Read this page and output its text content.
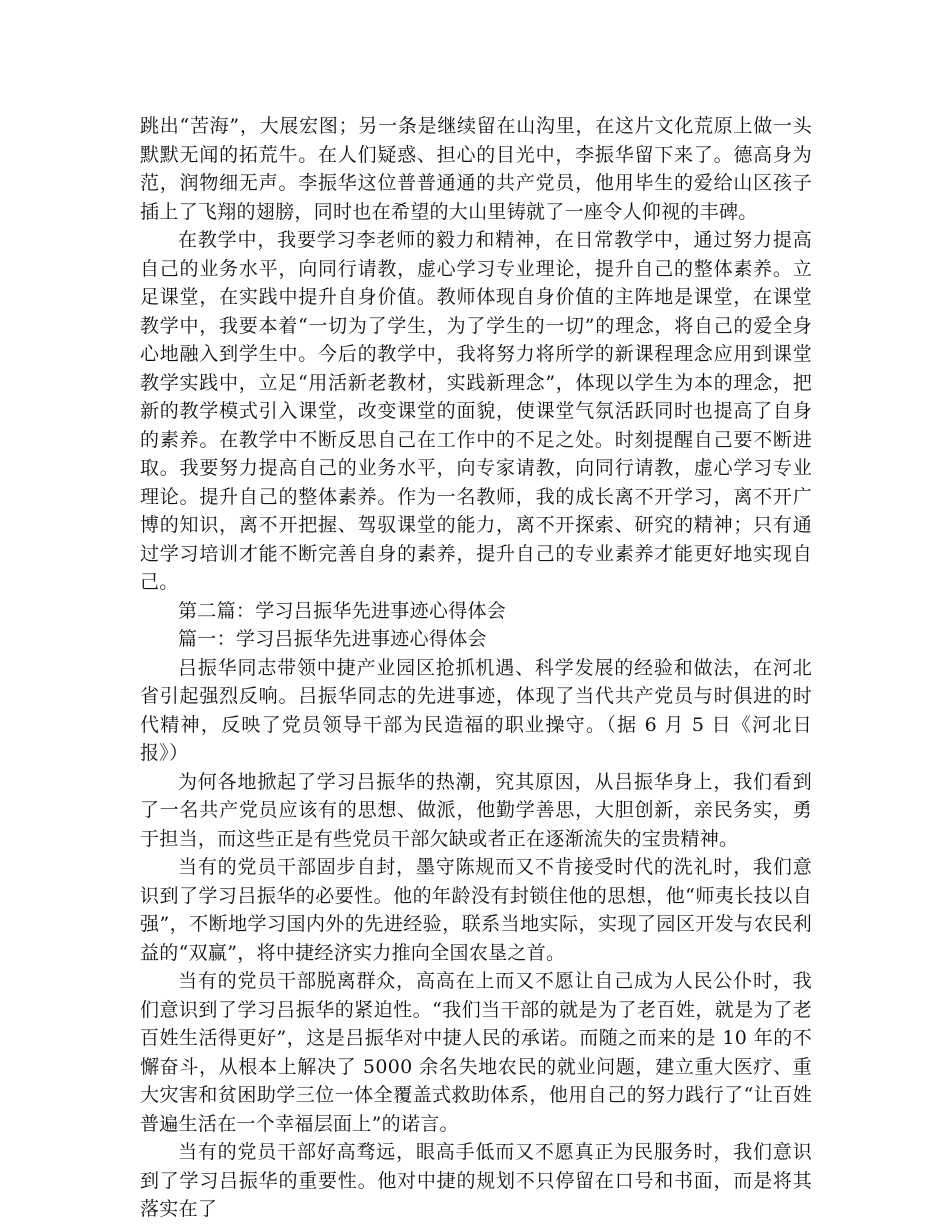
跳出“苦海”，大展宏图；另一条是继续留在山沟里，在这片文化荒原上做一头默默无闻的拓荒牛。在人们疑惑、担心的目光中，李振华留下来了。德高身为范，润物细无声。李振华这位普普通通的共产党员，他用毕生的爱给山区孩子插上了飞翔的翅膀，同时也在希望的大山里铸就了一座令人仰视的丰碑。

在教学中，我要学习李老师的毅力和精神，在日常教学中，通过努力提高自己的业务水平，向同行请教，虚心学习专业理论，提升自己的整体素养。立足课堂，在实践中提升自身价值。教师体现自身价值的主阵地是课堂，在课堂教学中，我要本着“一切为了学生，为了学生的一切”的理念，将自己的爱全身心地融入到学生中。今后的教学中，我将努力将所学的新课程理念应用到课堂教学实践中，立足“用活新老教材，实践新理念”，体现以学生为本的理念，把新的教学模式引入课堂，改变课堂的面貌，使课堂气氛活跃同时也提高了自身的素养。在教学中不断反思自己在工作中的不足之处。时刻提醒自己要不断进取。我要努力提高自己的业务水平，向专家请教，向同行请教，虚心学习专业理论。提升自己的整体素养。作为一名教师，我的成长离不开学习，离不开广博的知识，离不开把握、驾驭课堂的能力，离不开探索、研究的精神；只有通过学习培训才能不断完善自身的素养，提升自己的专业素养才能更好地实现自己。

第二篇：学习吕振华先进事迹心得体会

篇一：学习吕振华先进事迹心得体会

吕振华同志带领中捷产业园区抢抓机遇、科学发展的经验和做法，在河北省引起强烈反响。吕振华同志的先进事迹，体现了当代共产党员与时俱进的时代精神，反映了党员领导干部为民造福的职业操守。（据 6 月 5 日《河北日报》）

为何各地掀起了学习吕振华的热潮，究其原因，从吕振华身上，我们看到了一名共产党员应该有的思想、做派，他勤学善思，大胆创新，亲民务实，勇于担当，而这些正是有些党员干部欠缺或者正在逐渐流失的宝贵精神。

当有的党员干部固步自封，墨守陈规而又不肯接受时代的洗礼时，我们意识到了学习吕振华的必要性。他的年龄没有封锁住他的思想，他“师夷长技以自强”，不断地学习国内外的先进经验，联系当地实际，实现了园区开发与农民利益的“双赢”，将中捷经济实力推向全国农垦之首。

当有的党员干部脱离群众，高高在上而又不愿让自己成为人民公仆时，我们意识到了学习吕振华的紧迫性。“我们当干部的就是为了老百姓，就是为了老百姓生活得更好”，这是吕振华对中捷人民的承诺。而随之而来的是 10 年的不懈奋斗，从根本上解决了 5000 余名失地农民的就业问题，建立重大医疗、重大灾害和贫困助学三位一体全覆盖式救助体系，他用自己的努力践行了“让百姓普遍生活在一个幸福层面上”的诺言。

当有的党员干部好高骛远，眼高手低而又不愿真正为民服务时，我们意识到了学习吕振华的重要性。他对中捷的规划不只停留在口号和书面，而是将其落实在了
